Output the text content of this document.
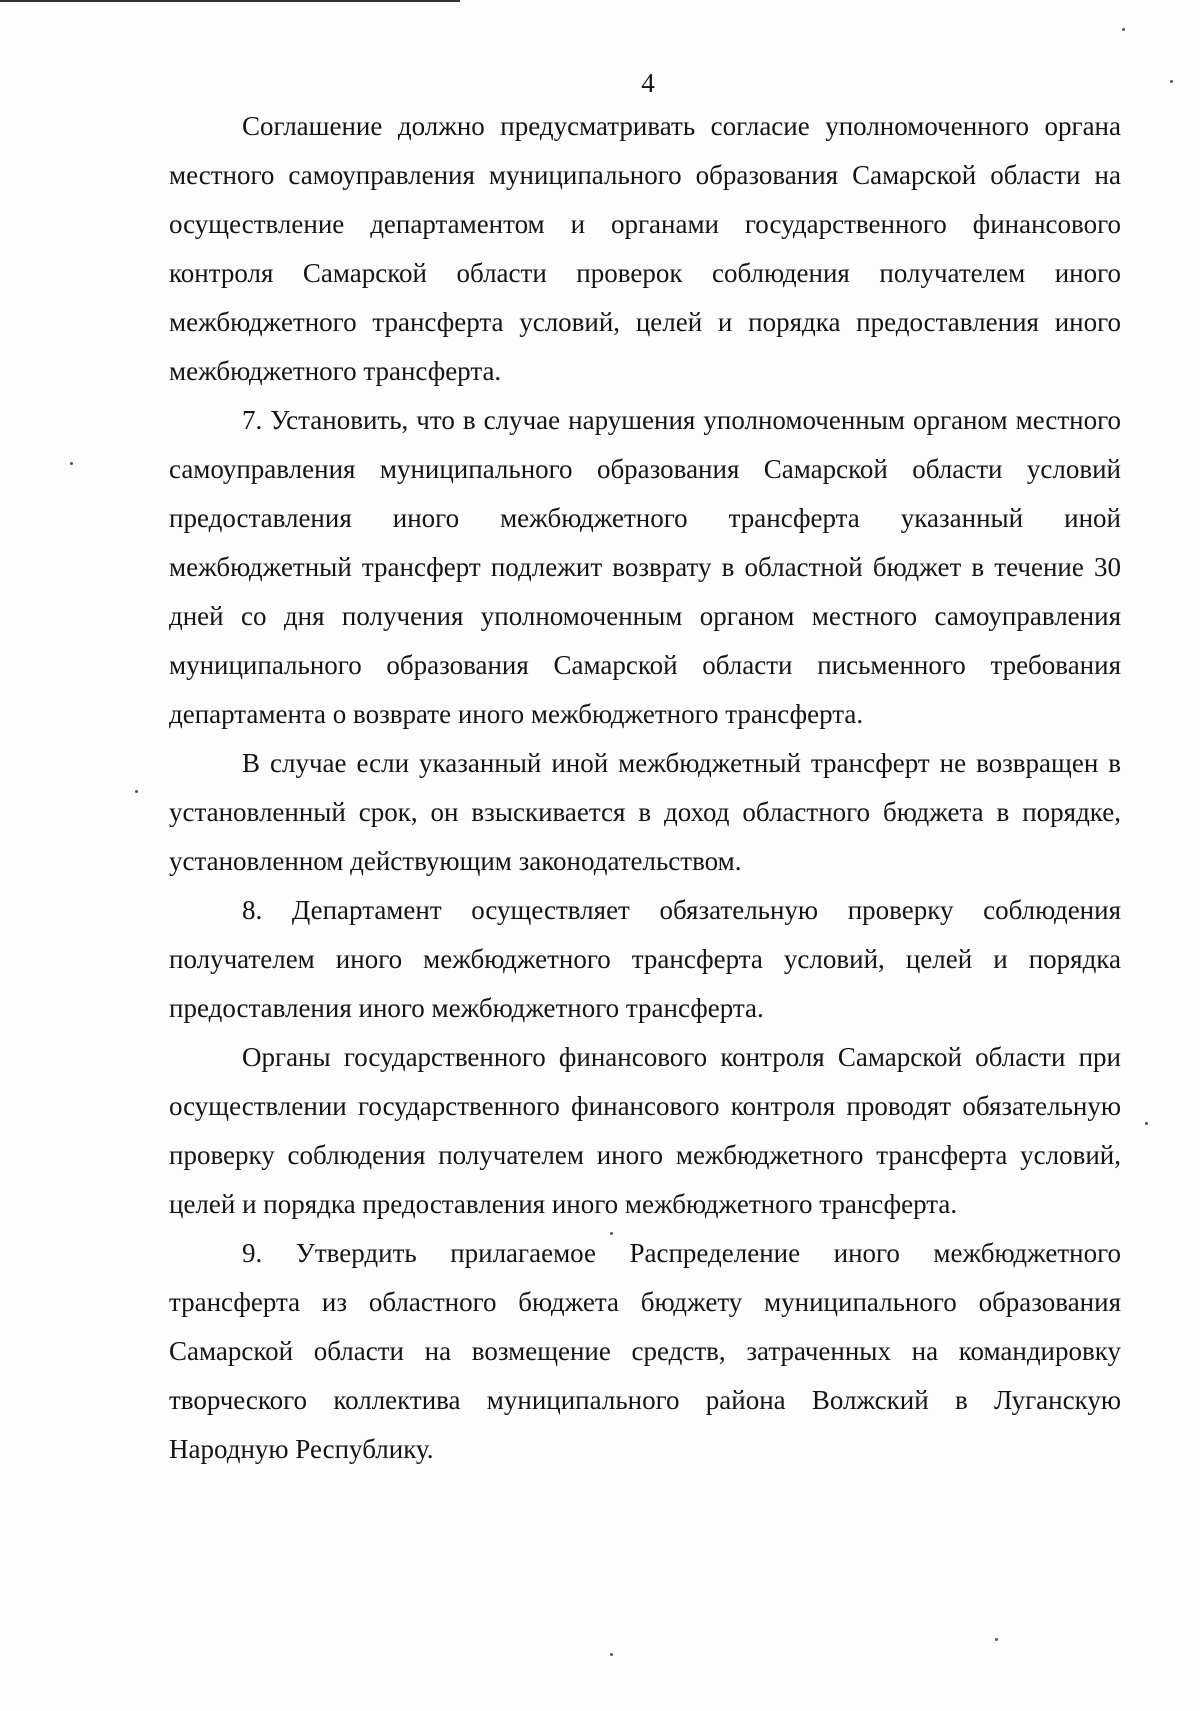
4

Соглашение должно предусматривать согласие уполномоченного органа местного самоуправления муниципального образования Самарской области на осуществление департаментом и органами государственного финансового контроля Самарской области проверок соблюдения получателем иного межбюджетного трансферта условий, целей и порядка предоставления иного межбюджетного трансферта.

7. Установить, что в случае нарушения уполномоченным органом местного самоуправления муниципального образования Самарской области условий предоставления иного межбюджетного трансферта указанный иной межбюджетный трансферт подлежит возврату в областной бюджет в течение 30 дней со дня получения уполномоченным органом местного самоуправления муниципального образования Самарской области письменного требования департамента о возврате иного межбюджетного трансферта.

В случае если указанный иной межбюджетный трансферт не возвращен в установленный срок, он взыскивается в доход областного бюджета в порядке, установленном действующим законодательством.

8. Департамент осуществляет обязательную проверку соблюдения получателем иного межбюджетного трансферта условий, целей и порядка предоставления иного межбюджетного трансферта.

Органы государственного финансового контроля Самарской области при осуществлении государственного финансового контроля проводят обязательную проверку соблюдения получателем иного межбюджетного трансферта условий, целей и порядка предоставления иного межбюджетного трансферта.

9. Утвердить прилагаемое Распределение иного межбюджетного трансферта из областного бюджета бюджету муниципального образования Самарской области на возмещение средств, затраченных на командировку творческого коллектива муниципального района Волжский в Луганскую Народную Республику.
